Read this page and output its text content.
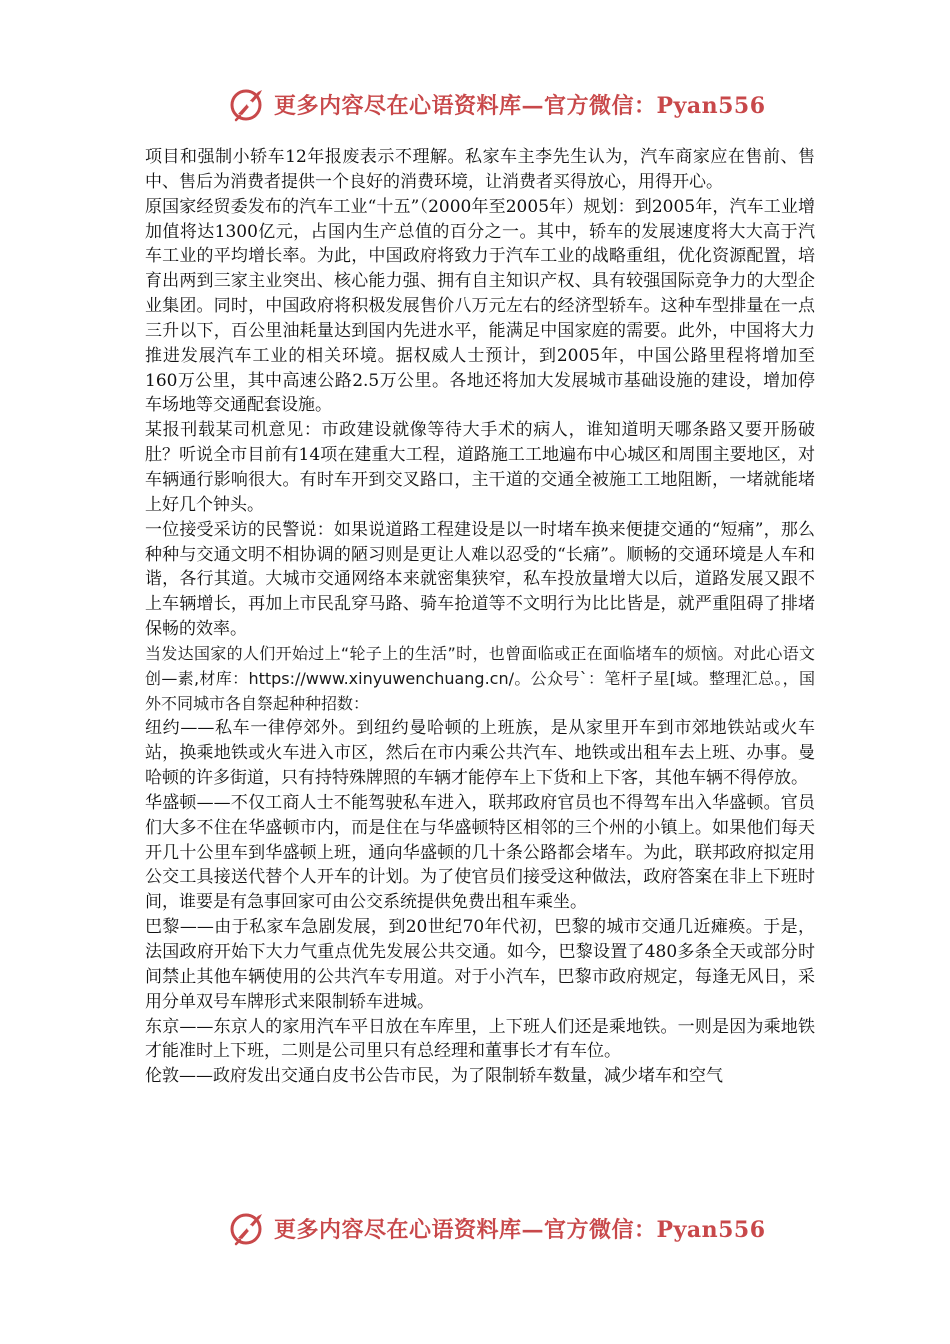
更多内容尽在心语资料库—官方微信：Pyan556

项目和强制小轿车12年报废表示不理解。私家车主李先生认为，汽车商家应在售前、售中、售后为消费者提供一个良好的消费环境，让消费者买得放心，用得开心。

原国家经贸委发布的汽车工业“十五”（2000年至2005年）规划：到2005年，汽车工业增加值将达1300亿元，占国内生产总值的百分之一。其中，轿车的发展速度将大大高于汽车工业的平均增长率。为此，中国政府将致力于汽车工业的战略重组，优化资源配置，培育出两到三家主业突出、核心能力强、拥有自主知识产权、具有较强国际竞争力的大型企业集团。同时，中国政府将积极发展售价八万元左右的经济型轿车。这种车型排量在一点三升以下，百公里油耗量达到国内先进水平，能满足中国家庭的需要。此外，中国将大力推进发展汽车工业的相关环境。据权威人士预计，到2005年，中国公路里程将增加至160万公里，其中高速公路2.5万公里。各地还将加大发展城市基础设施的建设，增加停车场地等交通配套设施。

某报刊载某司机意见：市政建设就像等待大手术的病人，谁知道明天哪条路又要开肠破肚？听说全市目前有14项在建重大工程，道路施工工地遍布中心城区和周围主要地区，对车辆通行影响很大。有时车开到交叉路口，主干道的交通全被施工工地阻断，一堵就能堵上好几个钟头。

一位接受采访的民警说：如果说道路工程建设是以一时堵车换来便捷交通的“短痛”，那么种种与交通文明不相协调的陋习则是更让人难以忍受的“长痛”。顺畅的交通环境是人车和谐，各行其道。大城市交通网络本来就密集狭窄，私车投放量增大以后，道路发展又跟不上车辆增长，再加上市民乱穿马路、骑车抢道等不文明行为比比皆是，就严重阻碍了排堵保畅的效率。

当发达国家的人们开始过上“轮子上的生活”时，也曾面临或正在面临堵车的烦恼。对此心语文创—素,材库：https://www.xinyuwenchuang.cn/。公众号`：笔杆子星[域。整理汇总。，国外不同城市各自祭起种种招数：

纽约——私车一律停郊外。到纽约曼哈顿的上班族，是从家里开车到市郊地铁站或火车站，换乘地铁或火车进入市区，然后在市内乘公共汽车、地铁或出租车去上班、办事。曼哈顿的许多街道，只有持特殊牌照的车辆才能停车上下货和上下客，其他车辆不得停放。

华盛顿——不仅工商人士不能驾驶私车进入，联邦政府官员也不得驾车出入华盛顿。官员们大多不住在华盛顿市内，而是住在与华盛顿特区相邻的三个州的小镇上。如果他们每天开几十公里车到华盛顿上班，通向华盛顿的几十条公路都会堵车。为此，联邦政府拟定用公交工具接送代替个人开车的计划。为了使官员们接受这种做法，政府答案在非上下班时间，谁要是有急事回家可由公交系统提供免费出租车乘坐。

巴黎——由于私家车急剧发展，到20世纪70年代初，巴黎的城市交通几近瘫痪。于是，法国政府开始下大力气重点优先发展公共交通。如今，巴黎设置了480多条全天或部分时间禁止其他车辆使用的公共汽车专用道。对于小汽车，巴黎市政府规定，每逢无风日，采用分单双号车牌形式来限制轿车进城。

东京——东京人的家用汽车平日放在车库里，上下班人们还是乘地铁。一则是因为乘地铁才能准时上下班，二则是公司里只有总经理和董事长才有车位。

伦敦——政府发出交通白皮书公告市民，为了限制轿车数量，减少堵车和空气

更多内容尽在心语资料库—官方微信：Pyan556
